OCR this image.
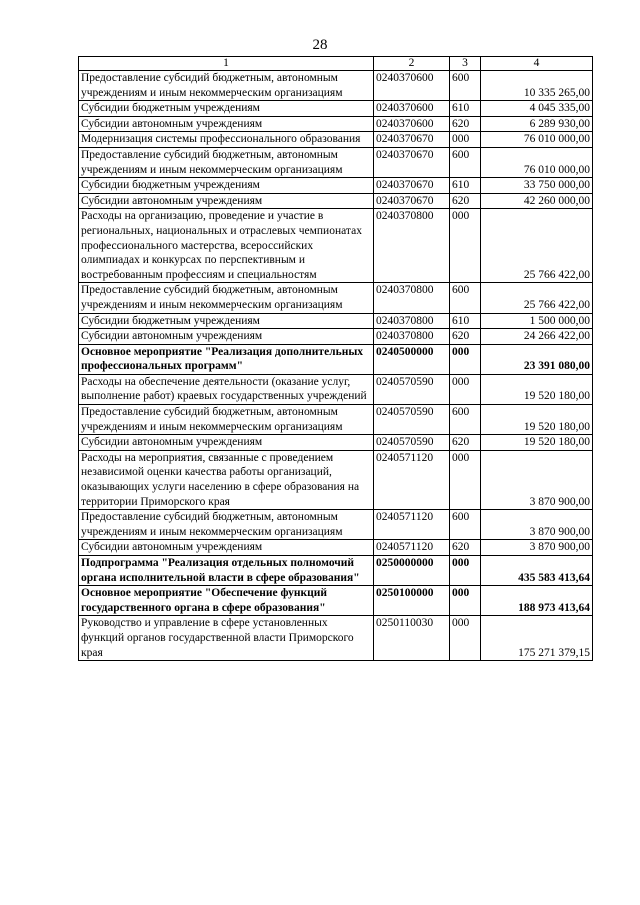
28
1	2	3	4
Предоставление субсидий бюджетным, автономным учреждениям и иным некоммерческим организациям	0240370600	600	10 335 265,00
Субсидии бюджетным учреждениям	0240370600	610	4 045 335,00
Субсидии автономным учреждениям	0240370600	620	6 289 930,00
Модернизация системы профессионального образования	0240370670	000	76 010 000,00
Предоставление субсидий бюджетным, автономным учреждениям и иным некоммерческим организациям	0240370670	600	76 010 000,00
Субсидии бюджетным учреждениям	0240370670	610	33 750 000,00
Субсидии автономным учреждениям	0240370670	620	42 260 000,00
Расходы на организацию, проведение и участие в региональных, национальных и отраслевых чемпионатах профессионального мастерства, всероссийских олимпиадах и конкурсах по перспективным и востребованным профессиям и специальностям	0240370800	000	25 766 422,00
Предоставление субсидий бюджетным, автономным учреждениям и иным некоммерческим организациям	0240370800	600	25 766 422,00
Субсидии бюджетным учреждениям	0240370800	610	1 500 000,00
Субсидии автономным учреждениям	0240370800	620	24 266 422,00
Основное мероприятие "Реализация дополнительных профессиональных программ"	0240500000	000	23 391 080,00
Расходы на обеспечение деятельности (оказание услуг, выполнение работ) краевых государственных учреждений	0240570590	000	19 520 180,00
Предоставление субсидий бюджетным, автономным учреждениям и иным некоммерческим организациям	0240570590	600	19 520 180,00
Субсидии автономным учреждениям	0240570590	620	19 520 180,00
Расходы на мероприятия, связанные с проведением независимой оценки качества работы организаций, оказывающих услуги населению в сфере образования на территории Приморского края	0240571120	000	3 870 900,00
Предоставление субсидий бюджетным, автономным учреждениям и иным некоммерческим организациям	0240571120	600	3 870 900,00
Субсидии автономным учреждениям	0240571120	620	3 870 900,00
Подпрограмма "Реализация отдельных полномочий органа исполнительной власти в сфере образования"	0250000000	000	435 583 413,64
Основное мероприятие "Обеспечение функций государственного органа в сфере образования"	0250100000	000	188 973 413,64
Руководство и управление в сфере установленных функций органов государственной власти Приморского края	0250110030	000	175 271 379,15
